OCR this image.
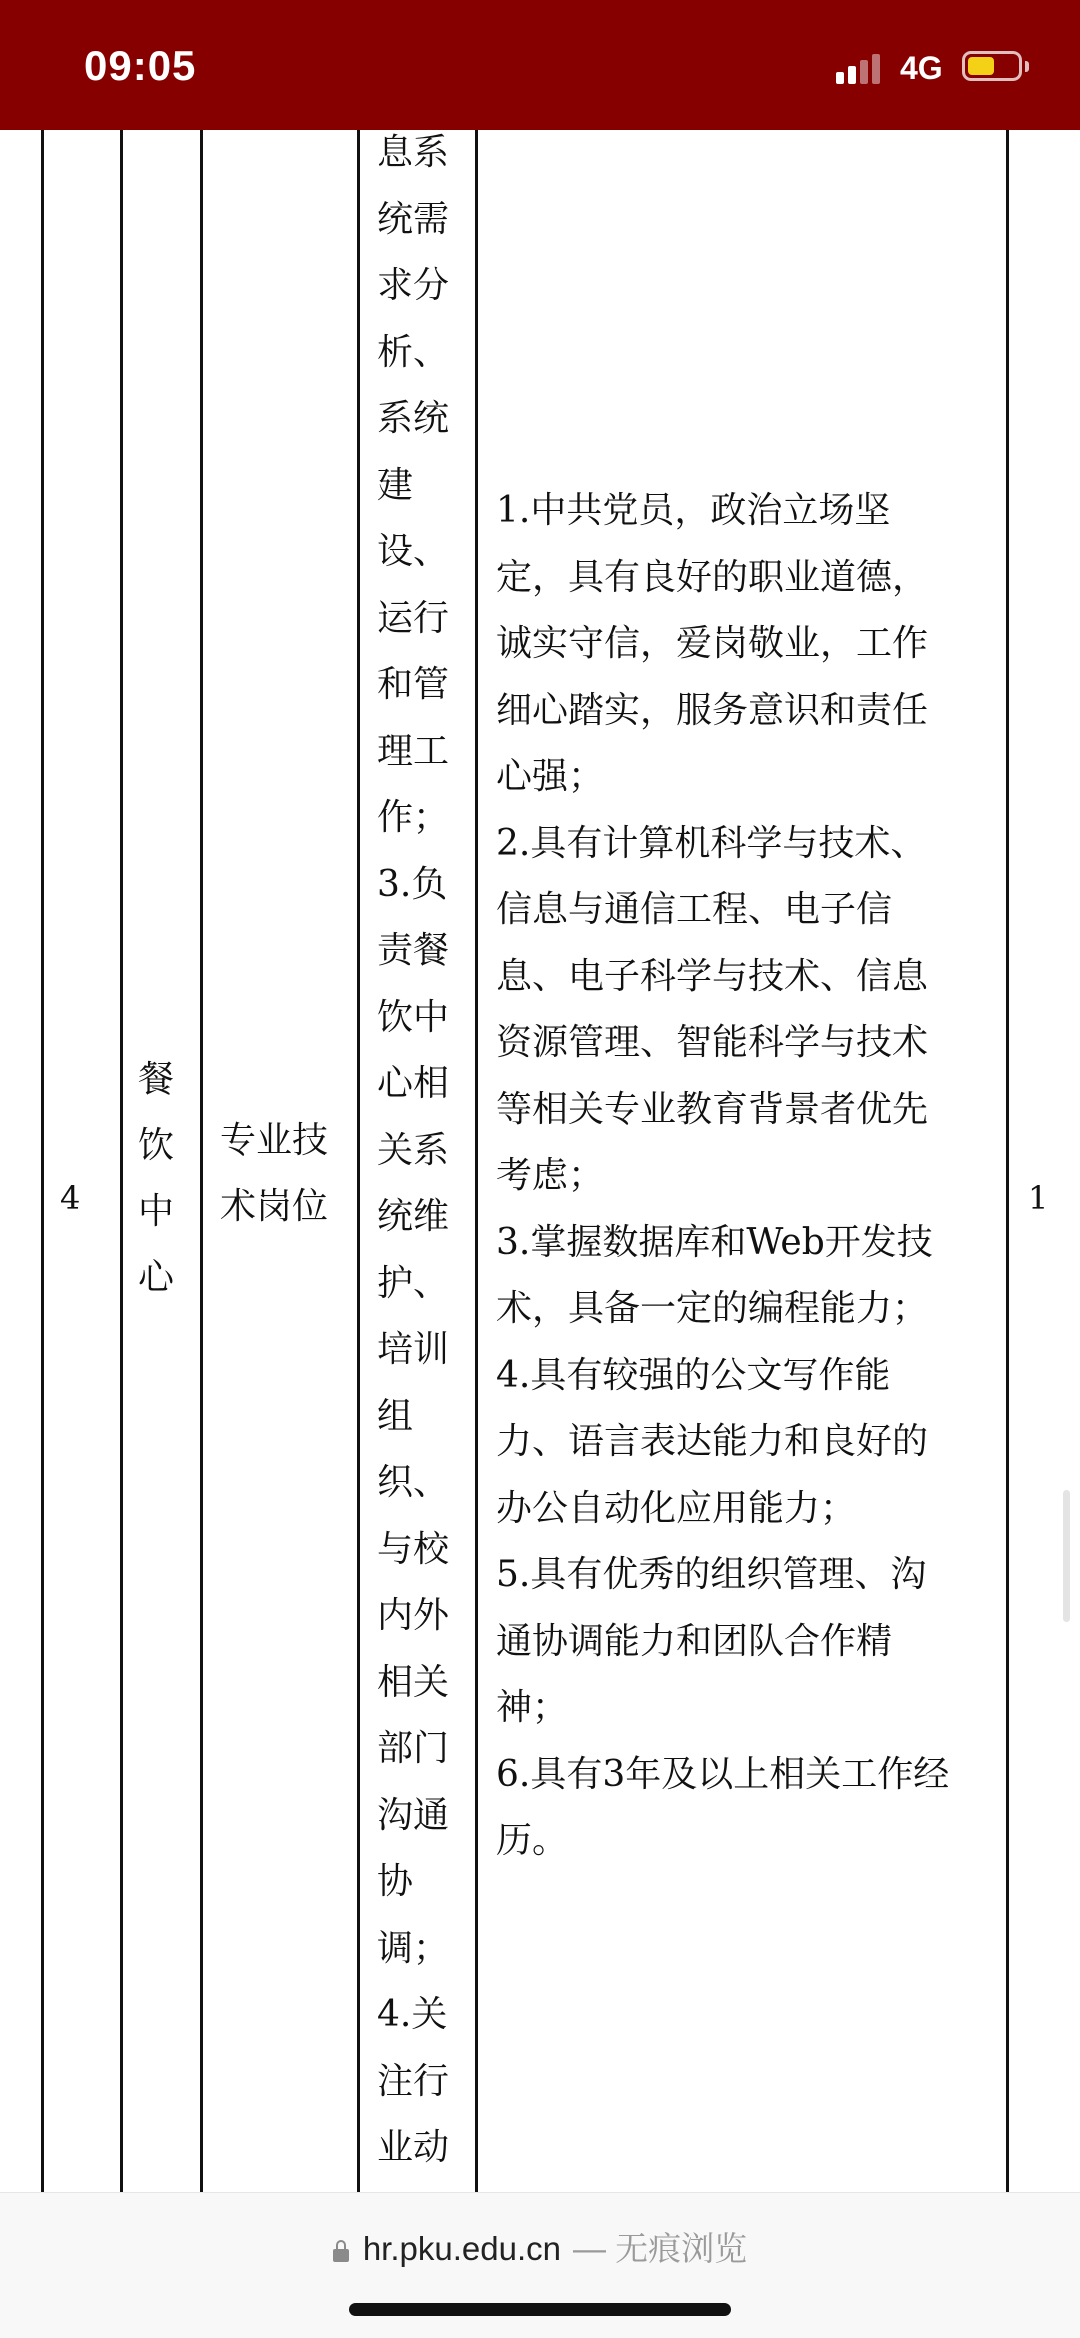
09:05	4G
4
餐
饮
中
心
专业技
术岗位
息系
统需
求分
析、
系统
建
设、
运行
和管
理工
作；
3.负
责餐
饮中
心相
关系
统维
护、
培训
组
织、
与校
内外
相关
部门
沟通
协
调；
4.关
注行
业动

1.中共党员，政治立场坚
定，具有良好的职业道德，
诚实守信，爱岗敬业，工作
细心踏实，服务意识和责任
心强；

2.具有计算机科学与技术、
信息与通信工程、电子信
息、电子科学与技术、信息
资源管理、智能科学与技术
等相关专业教育背景者优先
考虑；

3.掌握数据库和Web开发技
术，具备一定的编程能力；

4.具有较强的公文写作能
力、语言表达能力和良好的
办公自动化应用能力；

5.具有优秀的组织管理、沟
通协调能力和团队合作精
神；

6.具有3年及以上相关工作经
历。

1
hr.pku.edu.cn — 无痕浏览
